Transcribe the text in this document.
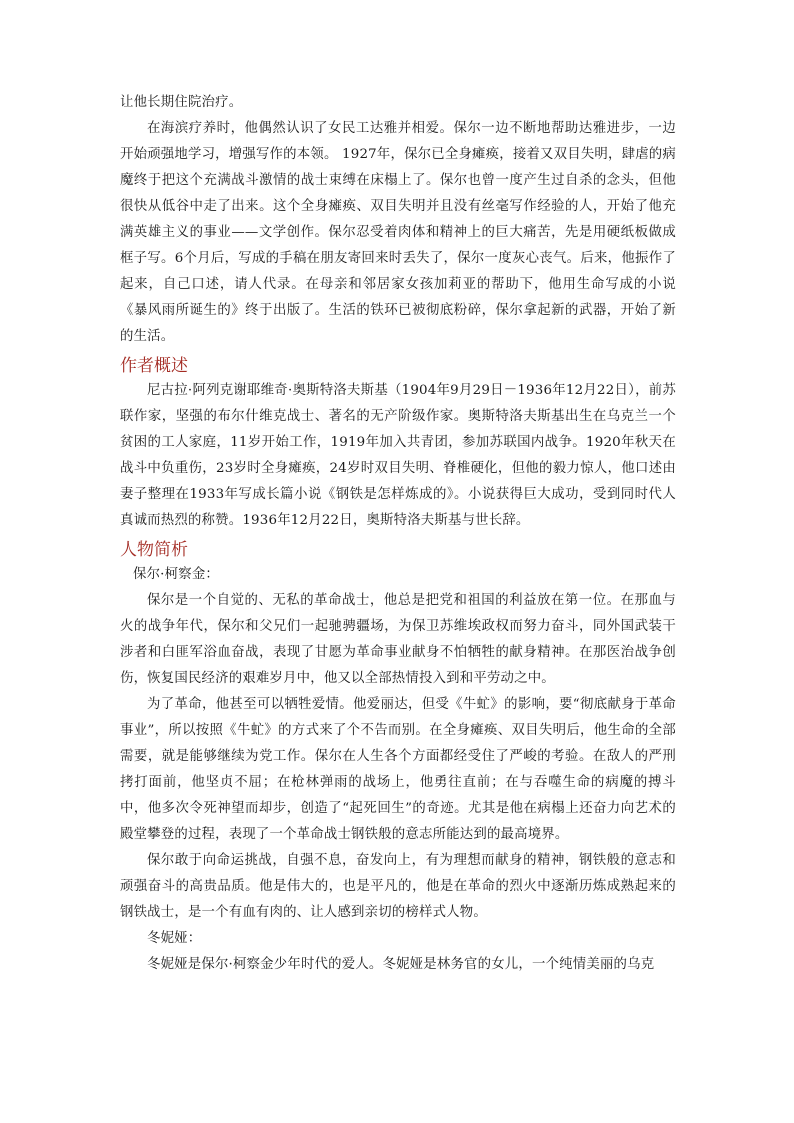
让他长期住院治疗。

在海滨疗养时，他偶然认识了女民工达雅并相爱。保尔一边不断地帮助达雅进步，一边开始顽强地学习，增强写作的本领。 1927年，保尔已全身瘫痪，接着又双目失明，肆虐的病魔终于把这个充满战斗激情的战士束缚在床榻上了。保尔也曾一度产生过自杀的念头，但他很快从低谷中走了出来。这个全身瘫痪、双目失明并且没有丝毫写作经验的人，开始了他充满英雄主义的事业——文学创作。保尔忍受着肉体和精神上的巨大痛苦，先是用硬纸板做成框子写。6个月后，写成的手稿在朋友寄回来时丢失了，保尔一度灰心丧气。后来，他振作了起来，自己口述，请人代录。在母亲和邻居家女孩加莉亚的帮助下，他用生命写成的小说《暴风雨所诞生的》终于出版了。生活的铁环已被彻底粉碎，保尔拿起新的武器，开始了新的生活。

作者概述

尼古拉·阿列克谢耶维奇·奥斯特洛夫斯基（1904年9月29日－1936年12月22日），前苏联作家，坚强的布尔什维克战士、著名的无产阶级作家。奥斯特洛夫斯基出生在乌克兰一个贫困的工人家庭，11岁开始工作，1919年加入共青团，参加苏联国内战争。1920年秋天在战斗中负重伤，23岁时全身瘫痪，24岁时双目失明、脊椎硬化，但他的毅力惊人，他口述由妻子整理在1933年写成长篇小说《钢铁是怎样炼成的》。小说获得巨大成功，受到同时代人真诚而热烈的称赞。1936年12月22日，奥斯特洛夫斯基与世长辞。

人物简析

保尔·柯察金：

保尔是一个自觉的、无私的革命战士，他总是把党和祖国的利益放在第一位。在那血与火的战争年代，保尔和父兄们一起驰骋疆场，为保卫苏维埃政权而努力奋斗，同外国武装干涉者和白匪军浴血奋战，表现了甘愿为革命事业献身不怕牺牲的献身精神。在那医治战争创伤，恢复国民经济的艰难岁月中，他又以全部热情投入到和平劳动之中。

为了革命，他甚至可以牺牲爱情。他爱丽达，但受《牛虻》的影响，要“彻底献身于革命事业”，所以按照《牛虻》的方式来了个不告而别。在全身瘫痪、双目失明后，他生命的全部需要，就是能够继续为党工作。保尔在人生各个方面都经受住了严峻的考验。在敌人的严刑拷打面前，他坚贞不屈；在枪林弹雨的战场上，他勇往直前；在与吞噬生命的病魔的搏斗中，他多次令死神望而却步，创造了“起死回生”的奇迹。尤其是他在病榻上还奋力向艺术的殿堂攀登的过程，表现了一个革命战士钢铁般的意志所能达到的最高境界。

保尔敢于向命运挑战，自强不息，奋发向上，有为理想而献身的精神，钢铁般的意志和顽强奋斗的高贵品质。他是伟大的，也是平凡的，他是在革命的烈火中逐渐历炼成熟起来的钢铁战士，是一个有血有肉的、让人感到亲切的榜样式人物。

冬妮娅：

冬妮娅是保尔·柯察金少年时代的爱人。冬妮娅是林务官的女儿，一个纯情美丽的乌克
